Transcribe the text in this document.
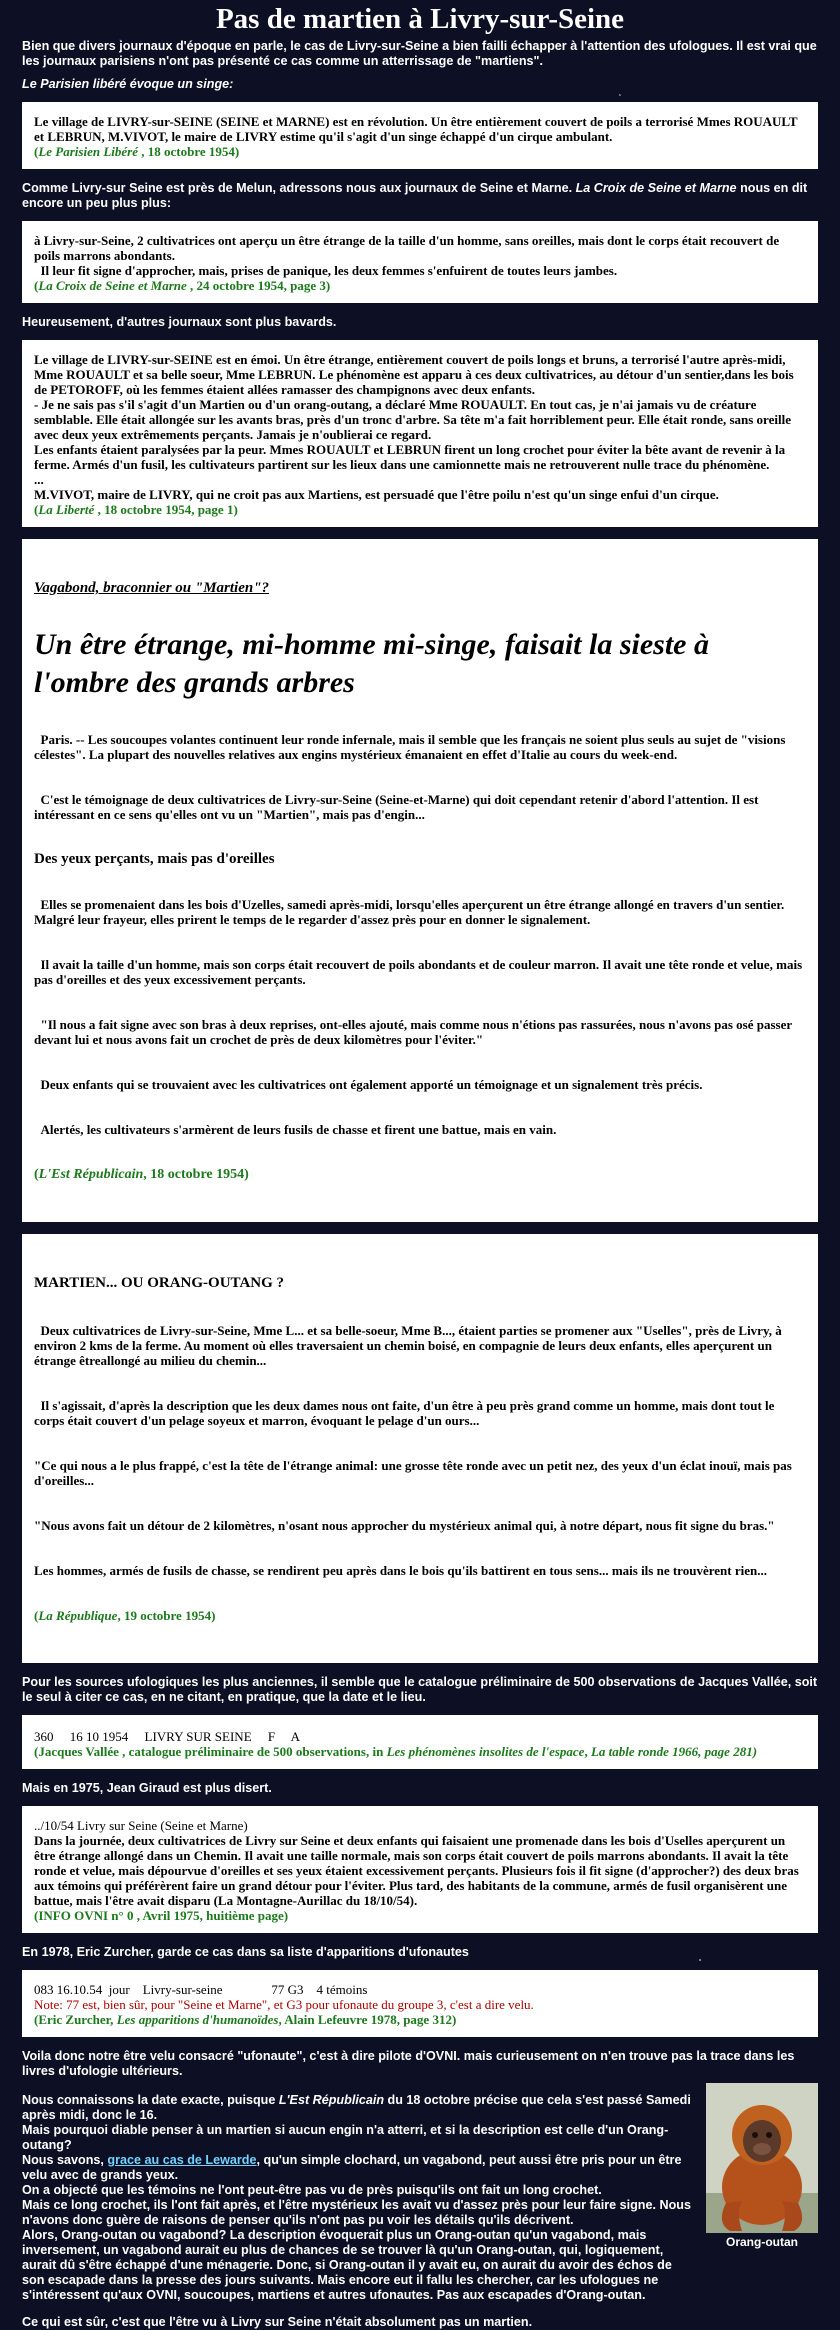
Pas de martien à Livry-sur-Seine

Bien que divers journaux d'époque en parle, le cas de Livry-sur-Seine a bien failli échapper à l'attention des ufologues. Il est vrai que les journaux parisiens n'ont pas présenté ce cas comme un atterrissage de "martiens".

Le Parisien libéré évoque un singe:

Le village de LIVRY-sur-SEINE (SEINE et MARNE) est en révolution. Un être entièrement couvert de poils a terrorisé Mmes ROUAULT et LEBRUN, M.VIVOT, le maire de LIVRY estime qu'il s'agit d'un singe échappé d'un cirque ambulant.

(Le Parisien Libéré , 18 octobre 1954)

Comme Livry-sur Seine est près de Melun, adressons nous aux journaux de Seine et Marne. La Croix de Seine et Marne nous en dit encore un peu plus plus:

à Livry-sur-Seine, 2 cultivatrices ont aperçu un être étrange de la taille d'un homme, sans oreilles, mais dont le corps était recouvert de poils marrons abondants.

Il leur fit signe d'approcher, mais, prises de panique, les deux femmes s'enfuirent de toutes leurs jambes.

(La Croix de Seine et Marne , 24 octobre 1954, page 3)

Heureusement, d'autres journaux sont plus bavards.

Le village de LIVRY-sur-SEINE est en émoi. Un être étrange, entièrement couvert de poils longs et bruns, a terrorisé l'autre après-midi, Mme ROUAULT et sa belle soeur, Mme LEBRUN. Le phénomène est apparu à ces deux cultivatrices, au détour d'un sentier,dans les bois de PETOROFF, où les femmes étaient allées ramasser des champignons avec deux enfants.

- Je ne sais pas s'il s'agit d'un Martien ou d'un orang-outang, a déclaré Mme ROUAULT. En tout cas, je n'ai jamais vu de créature semblable. Elle était allongée sur les avants bras, près d'un tronc d'arbre. Sa tête m'a fait horriblement peur. Elle était ronde, sans oreille avec deux yeux extrêmements perçants. Jamais je n'oublierai ce regard.

Les enfants étaient paralysées par la peur. Mmes ROUAULT et LEBRUN firent un long crochet pour éviter la bête avant de revenir à la ferme. Armés d'un fusil, les cultivateurs partirent sur les lieux dans une camionnette mais ne retrouverent nulle trace du phénomène.

...

M.VIVOT, maire de LIVRY, qui ne croit pas aux Martiens, est persuadé que l'être poilu n'est qu'un singe enfui d'un cirque.

(La Liberté , 18 octobre 1954, page 1)

Vagabond, braconnier ou "Martien"?

Un être étrange, mi-homme mi-singe, faisait la sieste à l'ombre des grands arbres

Paris. -- Les soucoupes volantes continuent leur ronde infernale, mais il semble que les français ne soient plus seuls au sujet de "visions célestes". La plupart des nouvelles relatives aux engins mystérieux émanaient en effet d'Italie au cours du week-end.

C'est le témoignage de deux cultivatrices de Livry-sur-Seine (Seine-et-Marne) qui doit cependant retenir d'abord l'attention. Il est intéressant en ce sens qu'elles ont vu un "Martien", mais pas d'engin...

Des yeux perçants, mais pas d'oreilles

Elles se promenaient dans les bois d'Uzelles, samedi après-midi, lorsqu'elles aperçurent un être étrange allongé en travers d'un sentier. Malgré leur frayeur, elles prirent le temps de le regarder d'assez près pour en donner le signalement.

Il avait la taille d'un homme, mais son corps était recouvert de poils abondants et de couleur marron. Il avait une tête ronde et velue, mais pas d'oreilles et des yeux excessivement perçants.

"Il nous a fait signe avec son bras à deux reprises, ont-elles ajouté, mais comme nous n'étions pas rassurées, nous n'avons pas osé passer devant lui et nous avons fait un crochet de près de deux kilomètres pour l'éviter."

Deux enfants qui se trouvaient avec les cultivatrices ont également apporté un témoignage et un signalement très précis.

Alertés, les cultivateurs s'armèrent de leurs fusils de chasse et firent une battue, mais en vain.

(L'Est Républicain, 18 octobre 1954)

MARTIEN... OU ORANG-OUTANG ?

Deux cultivatrices de Livry-sur-Seine, Mme L... et sa belle-soeur, Mme B..., étaient parties se promener aux "Uselles", près de Livry, à environ 2 kms de la ferme. Au moment où elles traversaient un chemin boisé, en compagnie de leurs deux enfants, elles aperçurent un étrange êtreallongé au milieu du chemin...

Il s'agissait, d'après la description que les deux dames nous ont faite, d'un être à peu près grand comme un homme, mais dont tout le corps était couvert d'un pelage soyeux et marron, évoquant le pelage d'un ours...

"Ce qui nous a le plus frappé, c'est la tête de l'étrange animal: une grosse tête ronde avec un petit nez, des yeux d'un éclat inouï, mais pas d'oreilles...

"Nous avons fait un détour de 2 kilomètres, n'osant nous approcher du mystérieux animal qui, à notre départ, nous fit signe du bras."

Les hommes, armés de fusils de chasse, se rendirent peu après dans le bois qu'ils battirent en tous sens... mais ils ne trouvèrent rien...

(La République, 19 octobre 1954)

Pour les sources ufologiques les plus anciennes, il semble que le catalogue préliminaire de 500 observations de Jacques Vallée, soit le seul à citer ce cas, en ne citant, en pratique, que la date et le lieu.

360     16 10 1954     LIVRY SUR SEINE     F     A

(Jacques Vallée , catalogue préliminaire de 500 observations, in Les phénomènes insolites de l'espace, La table ronde 1966, page 281)

Mais en 1975, Jean Giraud est plus disert.

../10/54 Livry sur Seine (Seine et Marne)

Dans la journée, deux cultivatrices de Livry sur Seine et deux enfants qui faisaient une promenade dans les bois d'Uselles aperçurent un être étrange allongé dans un Chemin. Il avait une taille normale, mais son corps était couvert de poils marrons abondants. Il avait la tête ronde et velue, mais dépourvue d'oreilles et ses yeux étaient excessivement perçants. Plusieurs fois il fit signe (d'approcher?) des deux bras aux témoins qui préférèrent faire un grand détour pour l'éviter. Plus tard, des habitants de la commune, armés de fusil organisèrent une battue, mais l'être avait disparu (La Montagne-Aurillac du 18/10/54).

(INFO OVNI n° 0 , Avril 1975, huitième page)

En 1978, Eric Zurcher, garde ce cas dans sa liste d'apparitions d'ufonautes

083 16.10.54  jour    Livry-sur-seine               77 G3    4 témoins

Note: 77 est, bien sûr, pour "Seine et Marne", et G3 pour ufonaute du groupe 3, c'est a dire velu.

(Eric Zurcher, Les apparitions d'humanoïdes, Alain Lefeuvre 1978, page 312)

Voila donc notre être velu consacré "ufonaute", c'est à dire pilote d'OVNI. mais curieusement on n'en trouve pas la trace dans les livres d'ufologie ultérieurs.

Nous connaissons la date exacte, puisque L'Est Républicain du 18 octobre précise que cela s'est passé Samedi après midi, donc le 16.

Mais pourquoi diable penser à un martien si aucun engin n'a atterri, et si la description est celle d'un Orang-outang?

Nous savons, grace au cas de Lewarde, qu'un simple clochard, un vagabond, peut aussi être pris pour un être velu avec de grands yeux.

On a objecté que les témoins ne l'ont peut-être pas vu de près puisqu'ils ont fait un long crochet.

Mais ce long crochet, ils l'ont fait après, et l'être mystérieux les avait vu d'assez près pour leur faire signe. Nous n'avons donc guère de raisons de penser qu'ils n'ont pas pu voir les détails qu'ils décrivent.

Alors, Orang-outan ou vagabond? La description évoquerait plus un Orang-outan qu'un vagabond, mais inversement, un vagabond aurait eu plus de chances de se trouver là qu'un Orang-outan, qui, logiquement, aurait dû s'être échappé d'une ménagerie. Donc, si Orang-outan il y avait eu, on aurait du avoir des échos de son escapade dans la presse des jours suivants. Mais encore eut il fallu les chercher, car les ufologues ne s'intéressent qu'aux OVNI, soucoupes, martiens et autres ufonautes. Pas aux escapades d'Orang-outan.

Ce qui est sûr, c'est que l'être vu à Livry sur Seine n'était absolument pas un martien.

Orang-outan
